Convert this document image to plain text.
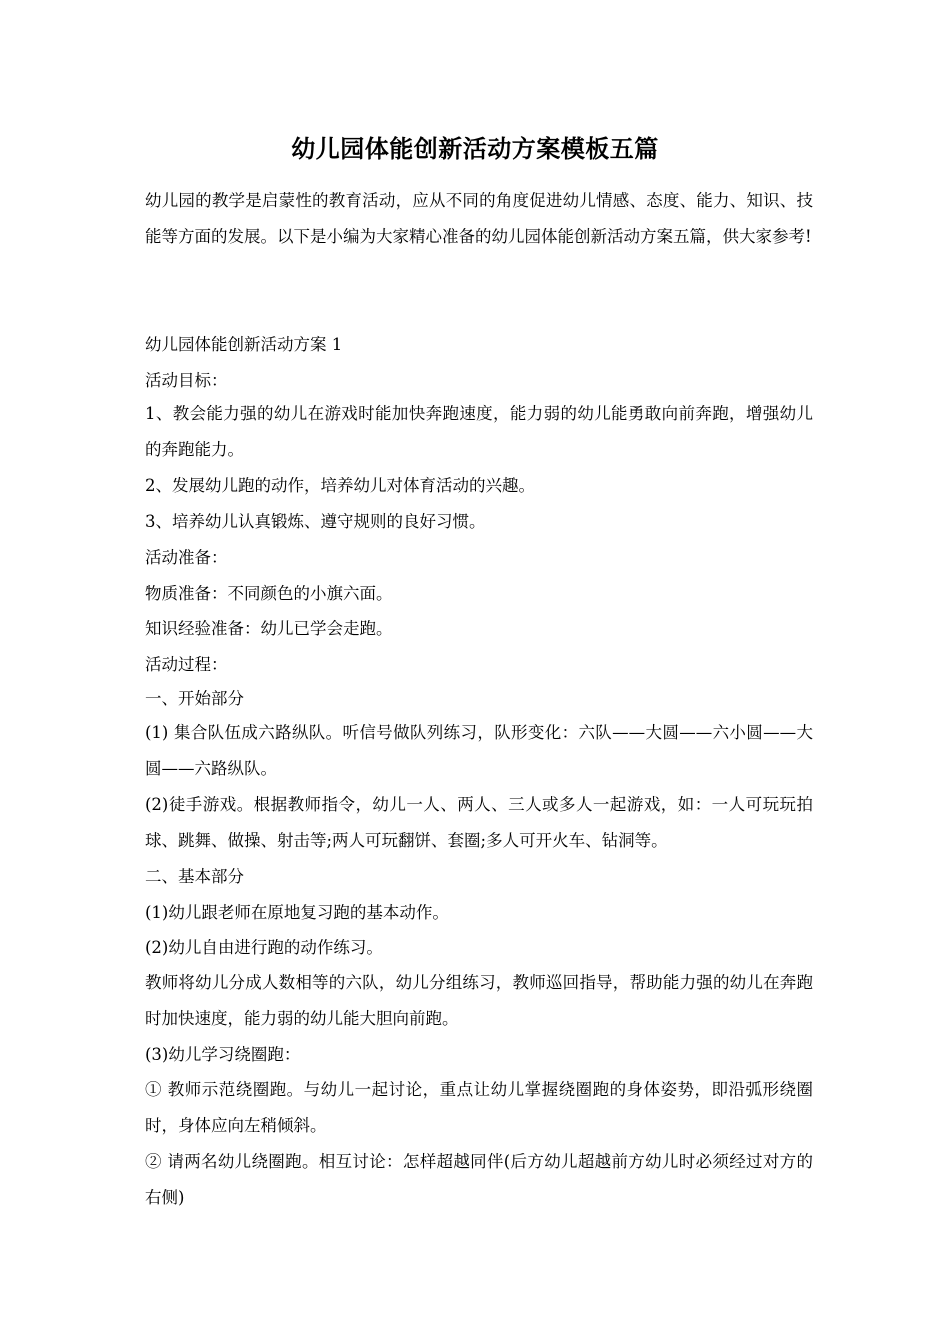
幼儿园体能创新活动方案模板五篇
幼儿园的教学是启蒙性的教育活动，应从不同的角度促进幼儿情感、态度、能力、知识、技能等方面的发展。以下是小编为大家精心准备的幼儿园体能创新活动方案五篇，供大家参考!
幼儿园体能创新活动方案 1
活动目标：
1、教会能力强的幼儿在游戏时能加快奔跑速度，能力弱的幼儿能勇敢向前奔跑，增强幼儿的奔跑能力。
2、发展幼儿跑的动作，培养幼儿对体育活动的兴趣。
3、培养幼儿认真锻炼、遵守规则的良好习惯。
活动准备：
物质准备：不同颜色的小旗六面。
知识经验准备：幼儿已学会走跑。
活动过程：
一、开始部分
(1) 集合队伍成六路纵队。听信号做队列练习，队形变化：六队——大圆——六小圆——大圆——六路纵队。
(2)徒手游戏。根据教师指令，幼儿一人、两人、三人或多人一起游戏，如：一人可玩玩拍球、跳舞、做操、射击等;两人可玩翻饼、套圈;多人可开火车、钻洞等。
二、基本部分
(1)幼儿跟老师在原地复习跑的基本动作。
(2)幼儿自由进行跑的动作练习。
教师将幼儿分成人数相等的六队，幼儿分组练习，教师巡回指导，帮助能力强的幼儿在奔跑时加快速度，能力弱的幼儿能大胆向前跑。
(3)幼儿学习绕圈跑：
① 教师示范绕圈跑。与幼儿一起讨论，重点让幼儿掌握绕圈跑的身体姿势，即沿弧形绕圈时，身体应向左稍倾斜。
② 请两名幼儿绕圈跑。相互讨论：怎样超越同伴(后方幼儿超越前方幼儿时必须经过对方的右侧)
